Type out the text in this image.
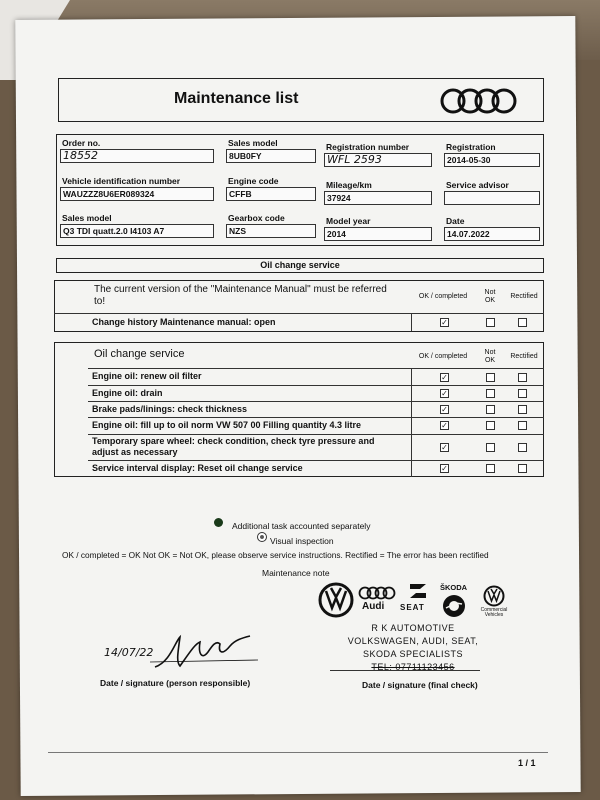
Maintenance list
Order no.
18552
Sales model
8UB0FY
Registration number
WFL 2593
Registration
2014-05-30
Vehicle identification number
WAUZZZ8U6ER089324
Engine code
CFFB
Mileage/km
37924
Service advisor
Sales model
Q3 TDI quatt.2.0 I4103 A7
Gearbox code
NZS
Model year
2014
Date
14.07.2022
Oil change service
The current version of the "Maintenance Manual" must be referred to!	OK / completed
Not
OK
Rectified
Change history Maintenance manual: open	✓
Oil change service	OK / completed
Not
OK
Rectified
Engine oil: renew oil filter	✓
Engine oil: drain	✓
Brake pads/linings: check thickness	✓
Engine oil: fill up to oil norm VW 507 00 Filling quantity 4.3 litre	✓
Temporary spare wheel: check condition, check tyre pressure and adjust as necessary	✓
Service interval display: Reset oil change service	✓
Additional task accounted separately
Visual inspection
OK / completed = OK Not OK = Not OK, please observe service instructions. Rectified = The error has been rectified
Maintenance note
Audi SEAT
ŠKODA
Commercial
Vehicles
R K AUTOMOTIVE
VOLKSWAGEN, AUDI, SEAT,
SKODA SPECIALISTS
TEL: 07711123456
14/07/22
Date / signature (person responsible)	Date / signature (final check)
1 / 1
